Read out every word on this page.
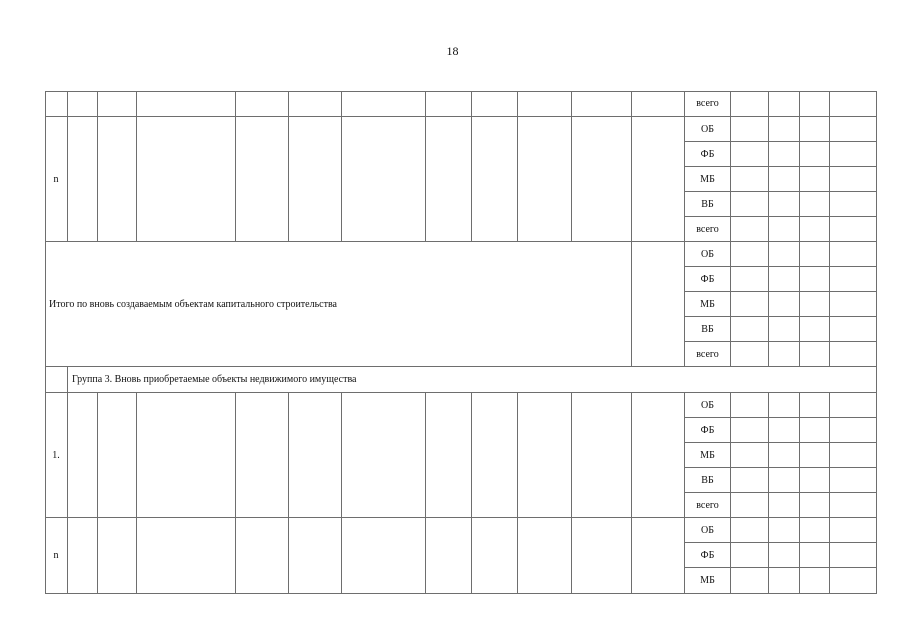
18
n
Итого по вновь создаваемым объектам капитального строительства
Группа 3. Вновь приобретаемые объекты недвижимого имущества
1.
n
всего
ОБ
ФБ
МБ
ВБ
всего
ОБ
ФБ
МБ
ВБ
всего
ОБ
ФБ
МБ
ВБ
всего
ОБ
ФБ
МБ
